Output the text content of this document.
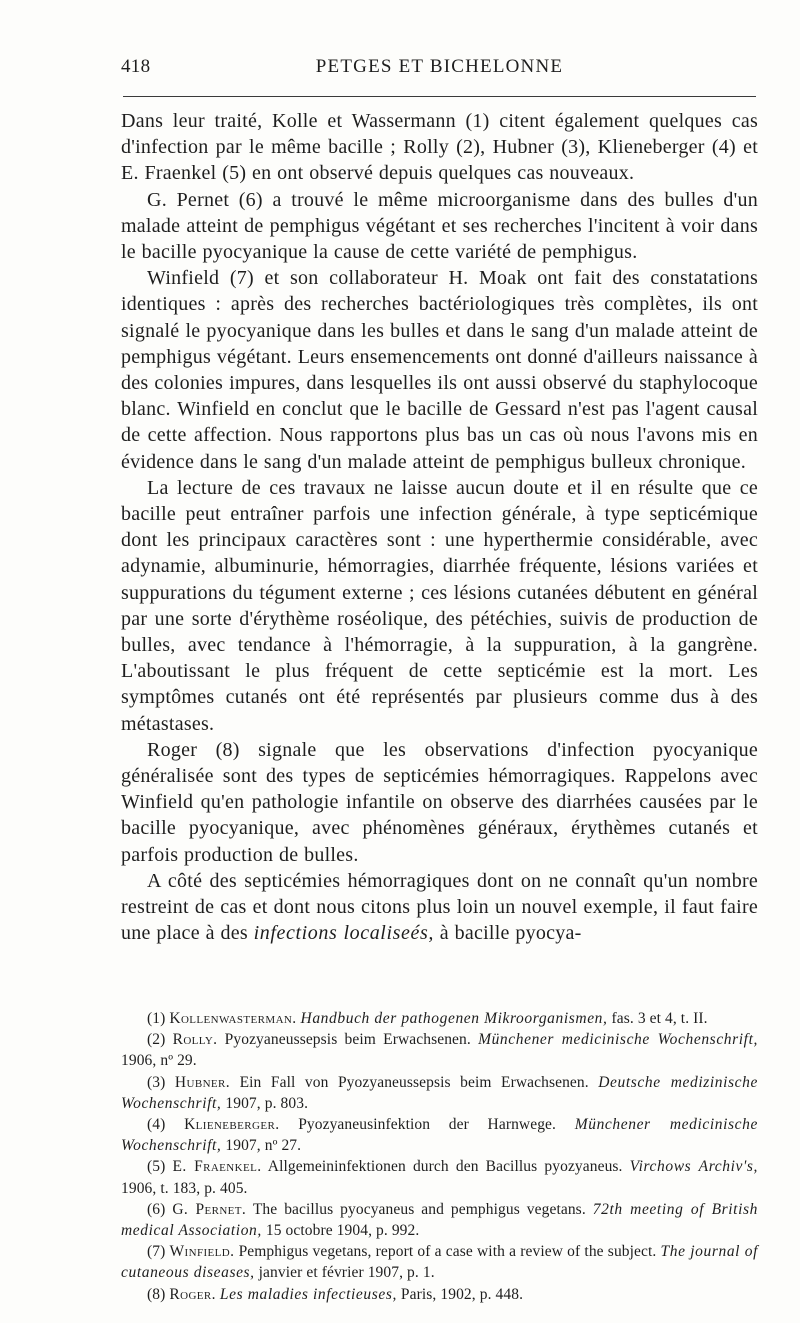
418	PETGES ET BICHELONNE

Dans leur traité, Kolle et Wassermann (1) citent également quelques cas d'infection par le même bacille ; Rolly (2), Hubner (3), Klieneberger (4) et E. Fraenkel (5) en ont observé depuis quelques cas nouveaux.

G. Pernet (6) a trouvé le même microorganisme dans des bulles d'un malade atteint de pemphigus végétant et ses recherches l'incitent à voir dans le bacille pyocyanique la cause de cette variété de pemphigus.

Winfield (7) et son collaborateur H. Moak ont fait des constatations identiques : après des recherches bactériologiques très complètes, ils ont signalé le pyocyanique dans les bulles et dans le sang d'un malade atteint de pemphigus végétant. Leurs ensemencements ont donné d'ailleurs naissance à des colonies impures, dans lesquelles ils ont aussi observé du staphylocoque blanc. Winfield en conclut que le bacille de Gessard n'est pas l'agent causal de cette affection. Nous rapportons plus bas un cas où nous l'avons mis en évidence dans le sang d'un malade atteint de pemphigus bulleux chronique.

La lecture de ces travaux ne laisse aucun doute et il en résulte que ce bacille peut entraîner parfois une infection générale, à type septicémique dont les principaux caractères sont : une hyperthermie considérable, avec adynamie, albuminurie, hémorragies, diarrhée fréquente, lésions variées et suppurations du tégument externe ; ces lésions cutanées débutent en général par une sorte d'érythème roséolique, des pétéchies, suivis de production de bulles, avec tendance à l'hémorragie, à la suppuration, à la gangrène. L'aboutissant le plus fréquent de cette septicémie est la mort. Les symptômes cutanés ont été représentés par plusieurs comme dus à des métastases.

Roger (8) signale que les observations d'infection pyocyanique généralisée sont des types de septicémies hémorragiques. Rappelons avec Winfield qu'en pathologie infantile on observe des diarrhées causées par le bacille pyocyanique, avec phénomènes généraux, érythèmes cutanés et parfois production de bulles.

A côté des septicémies hémorragiques dont on ne connaît qu'un nombre restreint de cas et dont nous citons plus loin un nouvel exemple, il faut faire une place à des infections localiseés, à bacille pyocya-

(1) Kollenwasterman. Handbuch der pathogenen Mikroorganismen, fas. 3 et 4, t. II.

(2) Rolly. Pyozyaneussepsis beim Erwachsenen. Münchener medicinische Wochenschrift, 1906, nº 29.

(3) Hubner. Ein Fall von Pyozyaneussepsis beim Erwachsenen. Deutsche medizinische Wochenschrift, 1907, p. 803.

(4) Klieneberger. Pyozyaneusinfektion der Harnwege. Münchener medicinische Wochenschrift, 1907, nº 27.

(5) E. Fraenkel. Allgemeininfektionen durch den Bacillus pyozyaneus. Virchows Archiv's, 1906, t. 183, p. 405.

(6) G. Pernet. The bacillus pyocyaneus and pemphigus vegetans. 72th meeting of British medical Association, 15 octobre 1904, p. 992.

(7) Winfield. Pemphigus vegetans, report of a case with a review of the subject. The journal of cutaneous diseases, janvier et février 1907, p. 1.

(8) Roger. Les maladies infectieuses, Paris, 1902, p. 448.
